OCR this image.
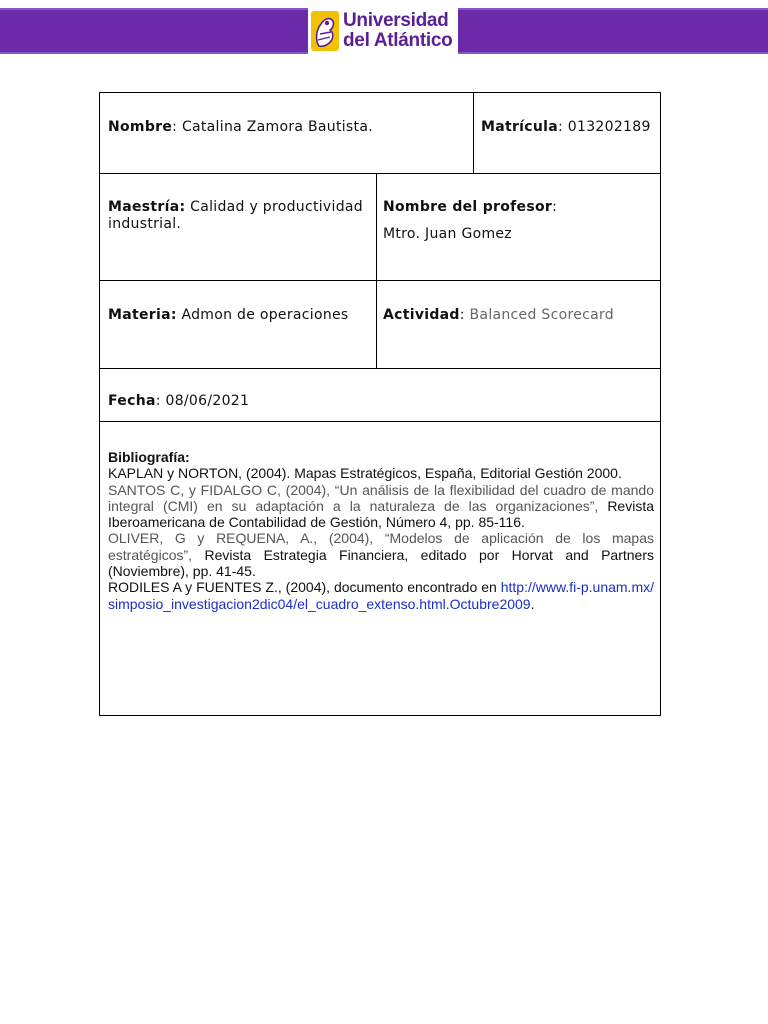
Universidad
del Atlántico
Nombre: Catalina Zamora Bautista.	Matrícula: 013202189
Maestría: Calidad y productividad industrial.
Nombre del profesor:
Mtro. Juan Gomez
Materia: Admon de operaciones	Actividad: Balanced Scorecard
Fecha: 08/06/2021

Bibliografía:

KAPLAN y NORTON, (2004). Mapas Estratégicos, España, Editorial Gestión 2000.

SANTOS C, y FIDALGO C, (2004), “Un análisis de la flexibilidad del cuadro de mando integral (CMI) en su adaptación a la naturaleza de las organizaciones”, Revista Iberoamericana de Contabilidad de Gestión, Número 4, pp. 85-116.

OLIVER, G y REQUENA, A., (2004), “Modelos de aplicación de los mapas estratégicos”, Revista Estrategia Financiera, editado por Horvat and Partners (Noviembre), pp. 41-45.

RODILES A y FUENTES Z., (2004), documento encontrado en http://www.fi-p.unam.mx/simposio_investigacion2dic04/el_cuadro_extenso.html.Octubre2009.
